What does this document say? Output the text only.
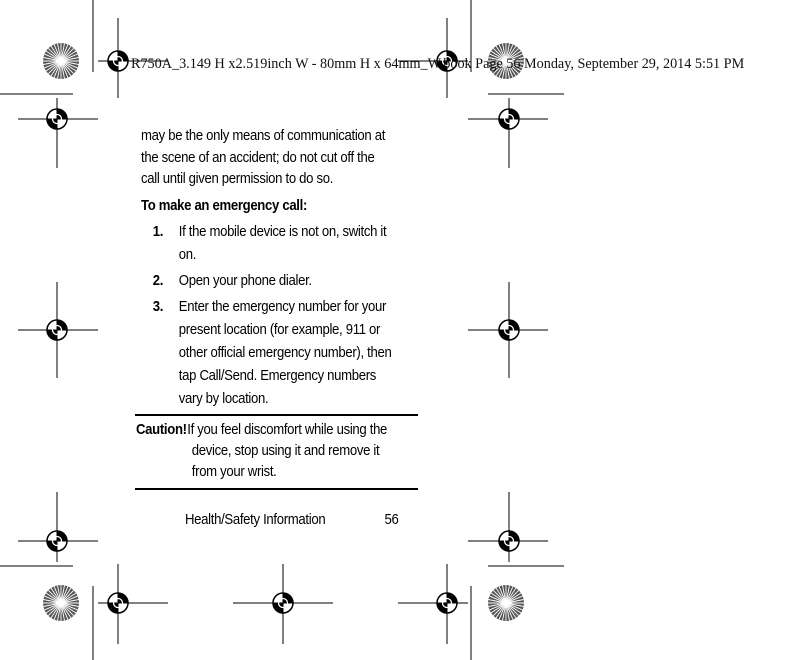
R750A_3.149 H x2.519inch W - 80mm H x 64mm_W.book Page 56 Monday, September 29, 2014 5:51 PM

may be the only means of communication at
the scene of an accident; do not cut off the
call until given permission to do so.

To make an emergency call:
1. If the mobile device is not on, switch it
on.
2. Open your phone dialer.
3. Enter the emergency number for your
present location (for example, 911 or
other official emergency number), then
tap Call/Send. Emergency numbers
vary by location.
Caution! If you feel discomfort while using the
device, stop using it and remove it
from your wrist.
Health/Safety Information	56
